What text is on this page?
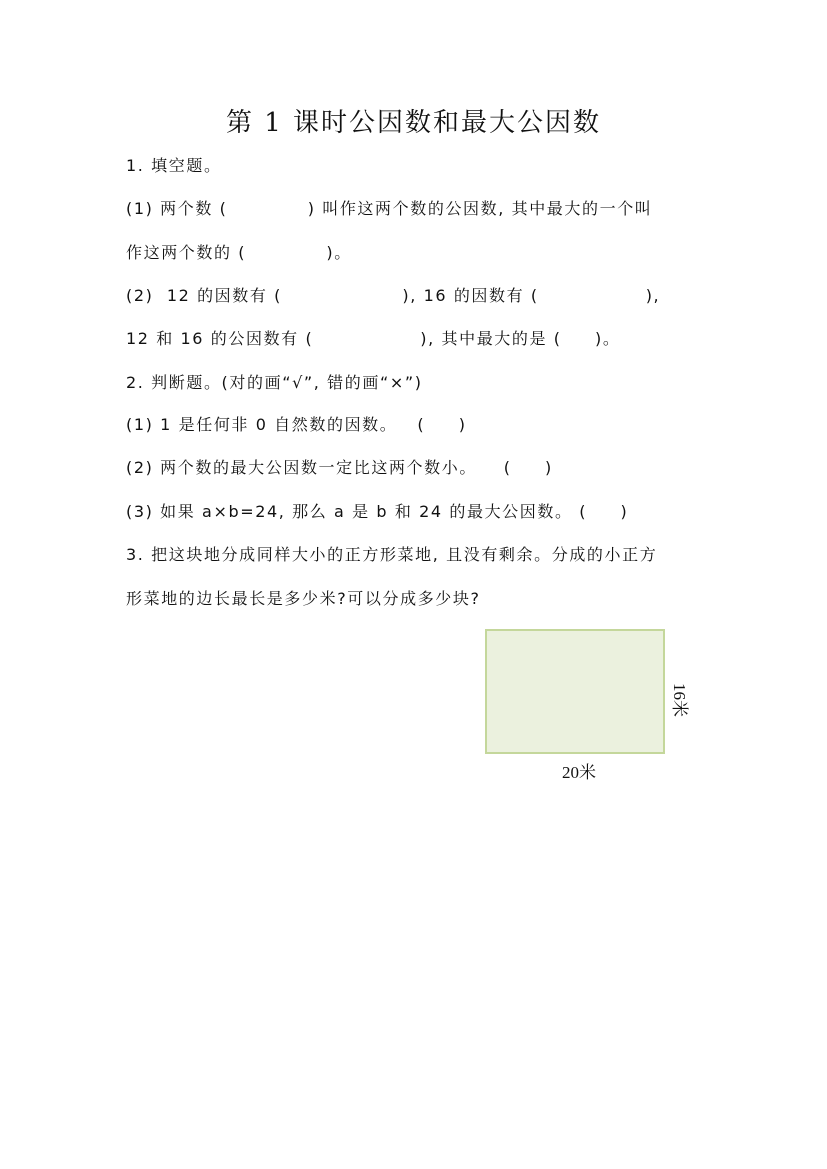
第 1 课时公因数和最大公因数
1. 填空题。
(1) 两个数 (            ) 叫作这两个数的公因数, 其中最大的一个叫
作这两个数的 (            )。
(2)  12 的因数有 (                  ), 16 的因数有 (                ),
12 和 16 的公因数有 (                ), 其中最大的是 (     )。
2. 判断题。(对的画“√”, 错的画“×”)
(1) 1 是任何非 0 自然数的因数。   (     )
(2) 两个数的最大公因数一定比这两个数小。    (     )
(3) 如果 a×b=24, 那么 a 是 b 和 24 的最大公因数。 (     )
3. 把这块地分成同样大小的正方形菜地, 且没有剩余。分成的小正方
形菜地的边长最长是多少米?可以分成多少块?
20米
16米
